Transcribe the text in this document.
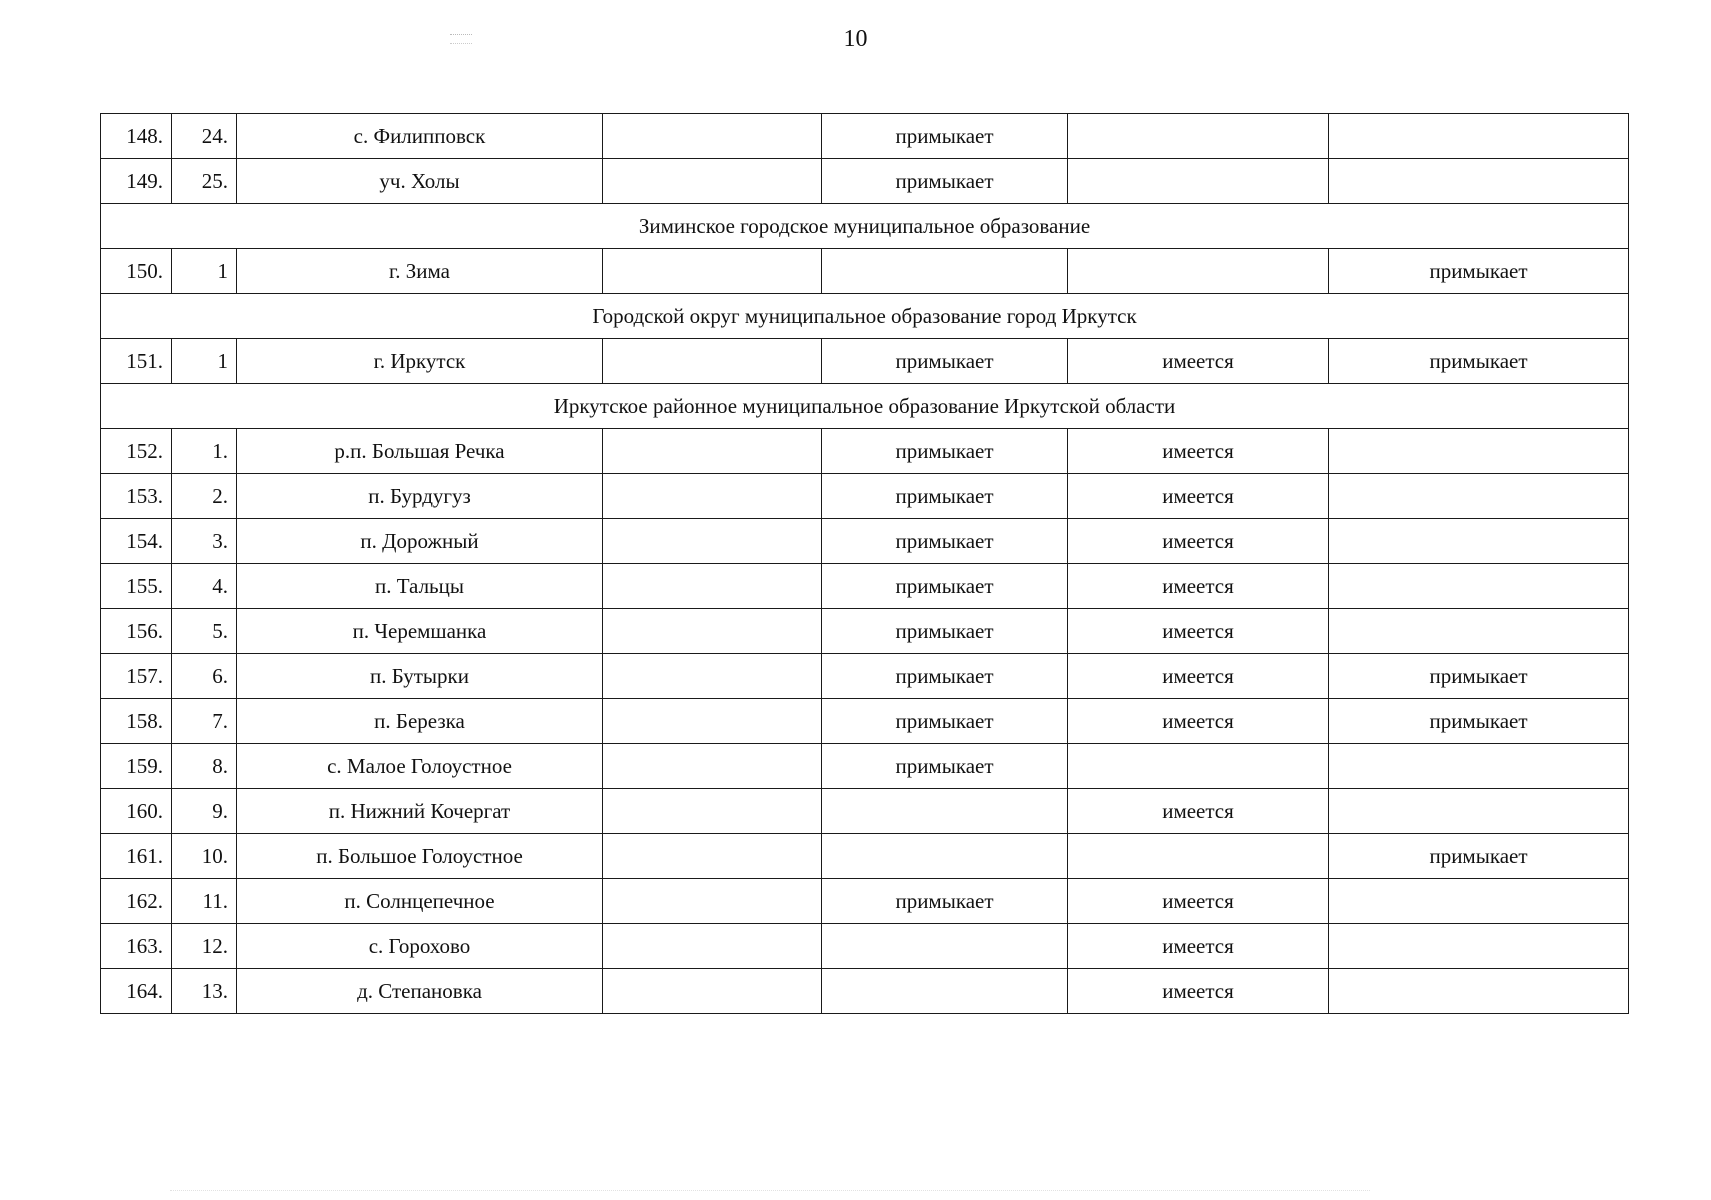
10
148.	24.	с. Филипповск		примыкает		
149.	25.	уч. Холы		примыкает		
Зиминское городское муниципальное образование						
150.	1	г. Зима				примыкает
Городской округ муниципальное образование город Иркутск						
151.	1	г. Иркутск		примыкает	имеется	примыкает
Иркутское районное муниципальное образование Иркутской области						
152.	1.	р.п. Большая Речка		примыкает	имеется	
153.	2.	п. Бурдугуз		примыкает	имеется	
154.	3.	п. Дорожный		примыкает	имеется	
155.	4.	п. Тальцы		примыкает	имеется	
156.	5.	п. Черемшанка		примыкает	имеется	
157.	6.	п. Бутырки		примыкает	имеется	примыкает
158.	7.	п. Березка		примыкает	имеется	примыкает
159.	8.	с. Малое Голоустное		примыкает		
160.	9.	п. Нижний Кочергат			имеется	
161.	10.	п. Большое Голоустное				примыкает
162.	11.	п. Солнцепечное		примыкает	имеется	
163.	12.	с. Горохово			имеется	
164.	13.	д. Степановка			имеется	
